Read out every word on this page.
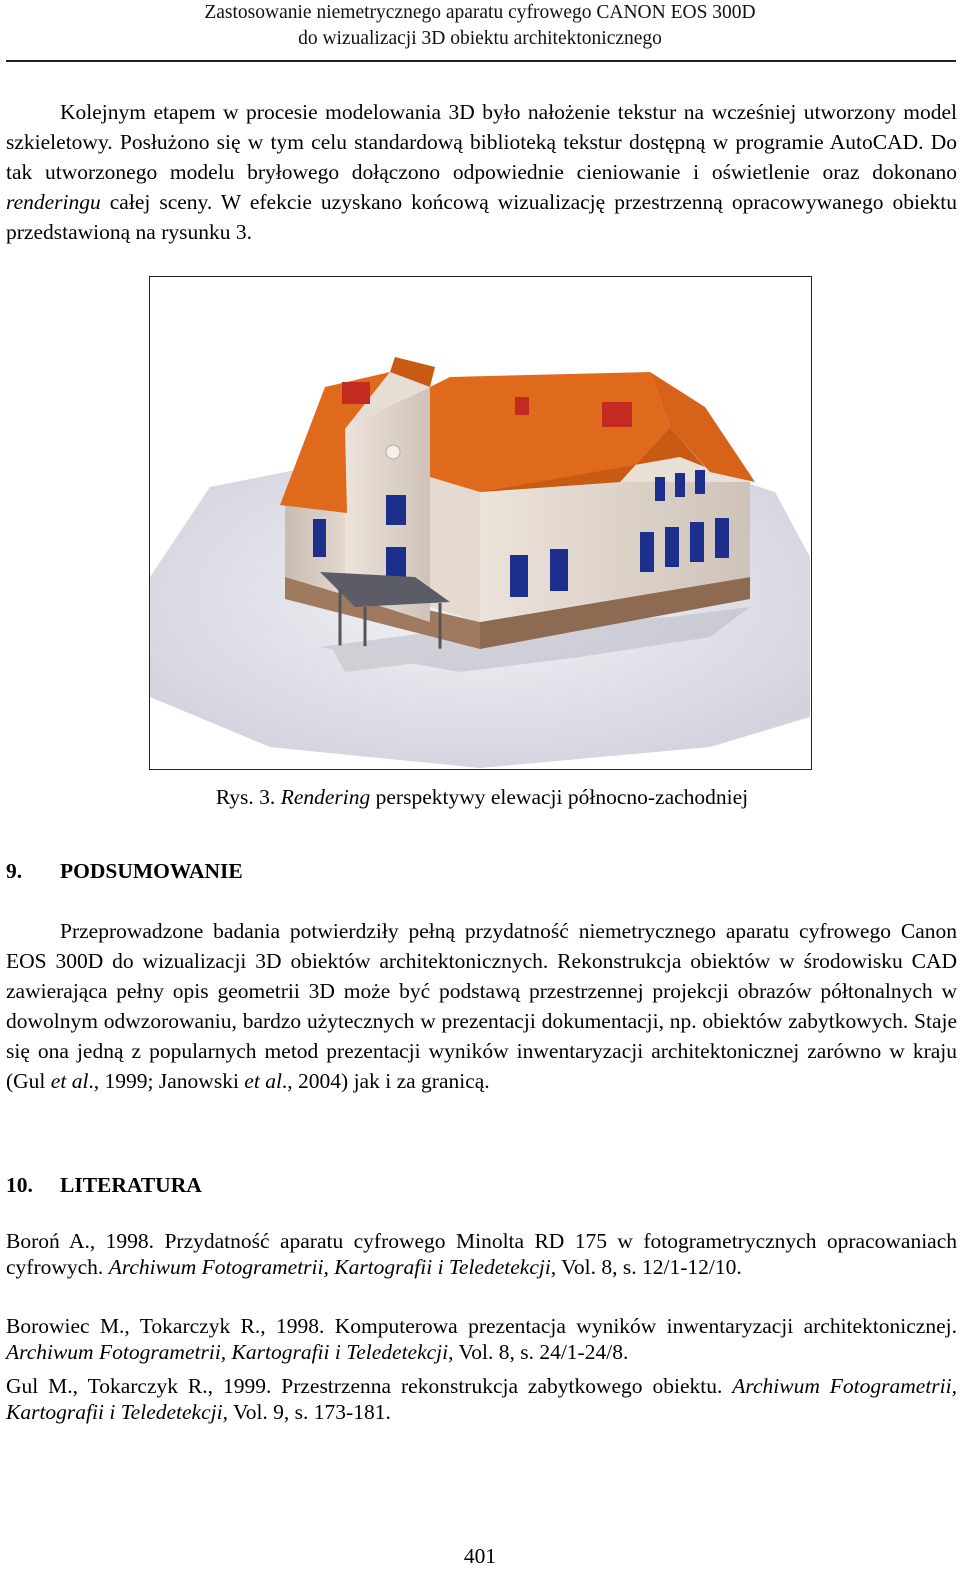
Zastosowanie niemetrycznego aparatu cyfrowego CANON EOS 300D
do wizualizacji 3D obiektu architektonicznego

Kolejnym etapem w procesie modelowania 3D było nałożenie tekstur na wcześniej utworzony model szkieletowy. Posłużono się w tym celu standardową biblioteką tekstur dostępną w programie AutoCAD. Do tak utworzonego modelu bryłowego dołączono odpowiednie cieniowanie i oświetlenie oraz dokonano renderingu całej sceny. W efekcie uzyskano końcową wizualizację przestrzenną opracowywanego obiektu przedstawioną na rysunku 3.

Rys. 3. Rendering perspektywy elewacji północno-zachodniej
9. PODSUMOWANIE

Przeprowadzone badania potwierdziły pełną przydatność niemetrycznego aparatu cyfrowego Canon EOS 300D do wizualizacji 3D obiektów architektonicznych. Rekonstrukcja obiektów w środowisku CAD zawierająca pełny opis geometrii 3D może być podstawą przestrzennej projekcji obrazów półtonalnych w dowolnym odwzorowaniu, bardzo użytecznych w prezentacji dokumentacji, np. obiektów zabytkowych. Staje się ona jedną z popularnych metod prezentacji wyników inwentaryzacji architektonicznej zarówno w kraju (Gul et al., 1999; Janowski et al., 2004) jak i za granicą.

10. LITERATURA

Boroń A., 1998. Przydatność aparatu cyfrowego Minolta RD 175 w fotogrametrycznych opracowaniach cyfrowych. Archiwum Fotogrametrii, Kartografii i Teledetekcji, Vol. 8, s. 12/1-12/10.

Borowiec M., Tokarczyk R., 1998. Komputerowa prezentacja wyników inwentaryzacji architektonicznej. Archiwum Fotogrametrii, Kartografii i Teledetekcji, Vol. 8, s. 24/1-24/8.

Gul M., Tokarczyk R., 1999. Przestrzenna rekonstrukcja zabytkowego obiektu. Archiwum Fotogrametrii, Kartografii i Teledetekcji, Vol. 9, s. 173-181.

401
